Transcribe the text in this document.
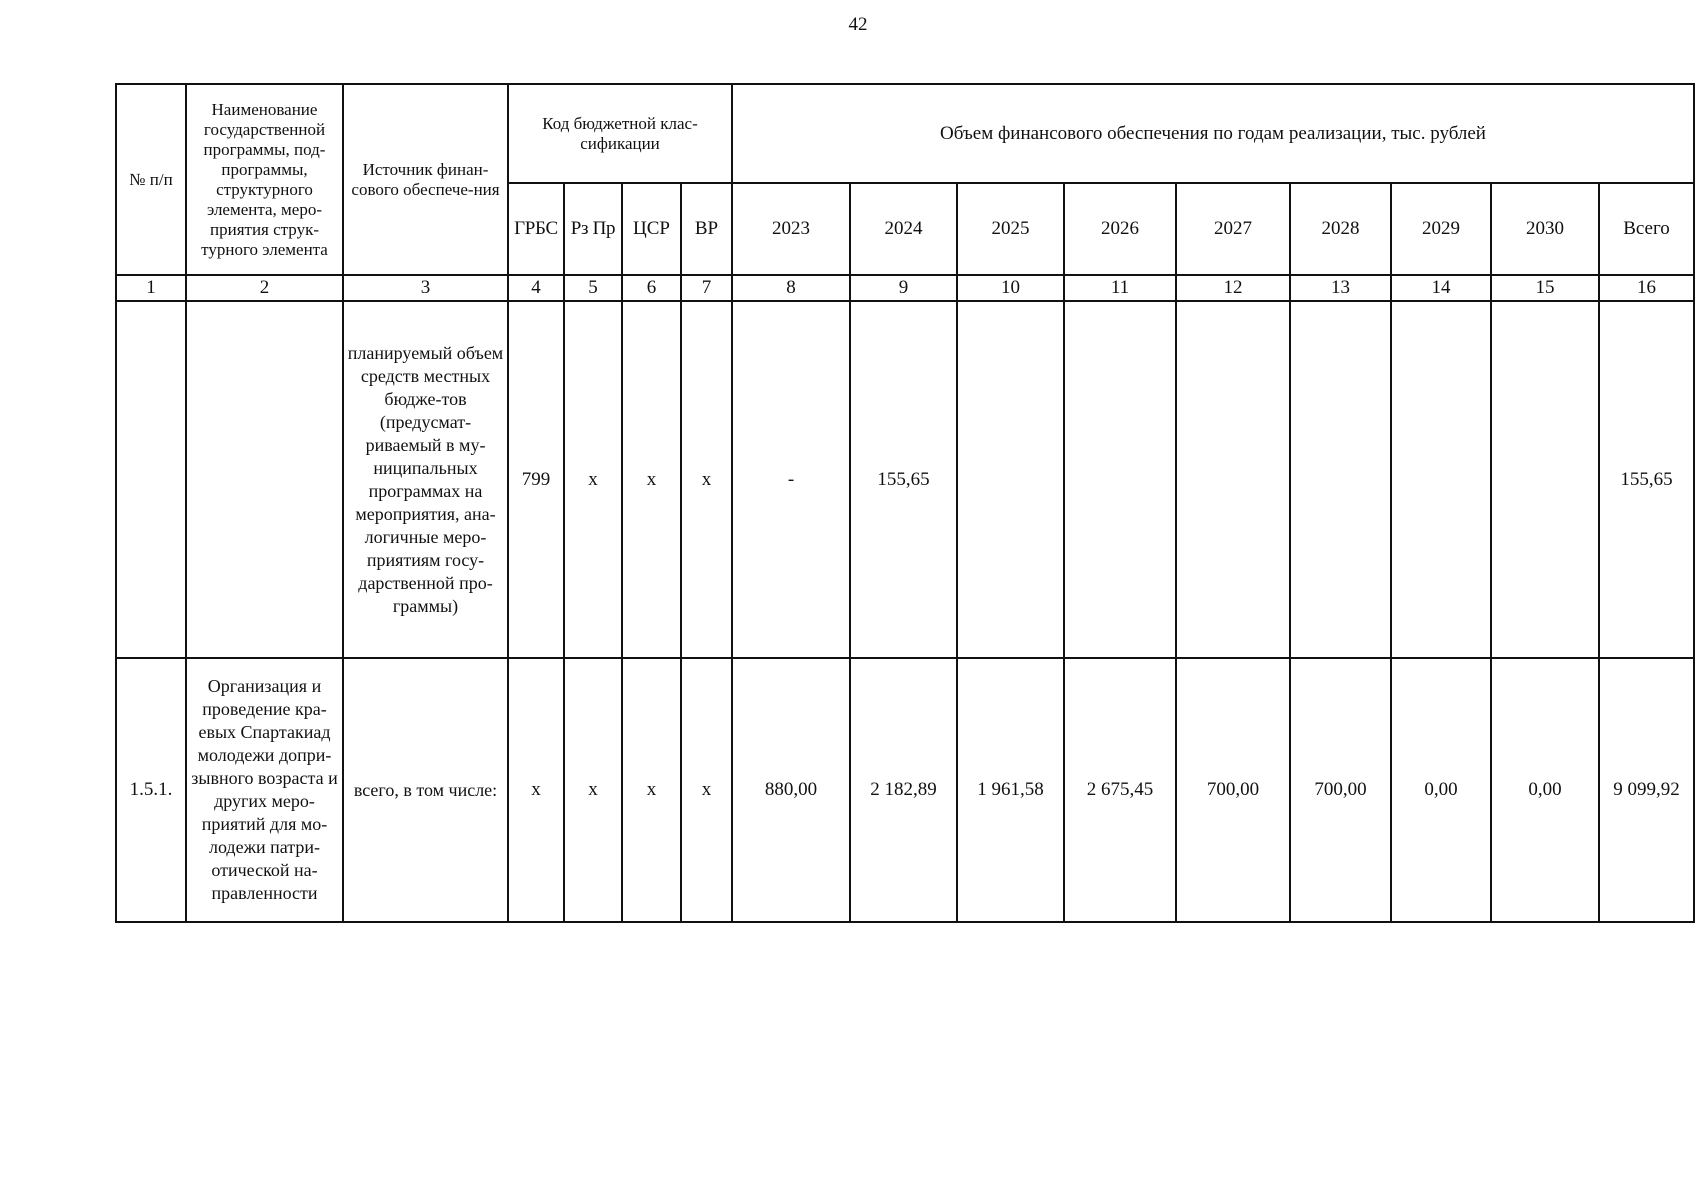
42
№ п/п	Наименование государственной программы, под-программы, структурного элемента, меро-приятия струк-турного элемента	Источник финан-сового обеспече-ния	Код бюджетной клас-сификации				Объем финансового обеспечения по годам реализации, тыс. рублей								
			ГРБС	Рз Пр	ЦСР	ВР	2023	2024	2025	2026	2027	2028	2029	2030	Всего
1	2	3	4	5	6	7	8	9	10	11	12	13	14	15	16
		планируемый объем средств местных бюдже-тов (предусмат-риваемый в му-ниципальных программах на мероприятия, ана-логичные меро-приятиям госу-дарственной про-граммы)	799	х	х	х	-	155,65							155,65
1.5.1.	Организация и проведение кра-евых Спартакиад молодежи допри-зывного возраста и других меро-приятий для мо-лодежи патри-отической на-правленности	всего, в том числе:	х	х	х	х	880,00	2 182,89	1 961,58	2 675,45	700,00	700,00	0,00	0,00	9 099,92
